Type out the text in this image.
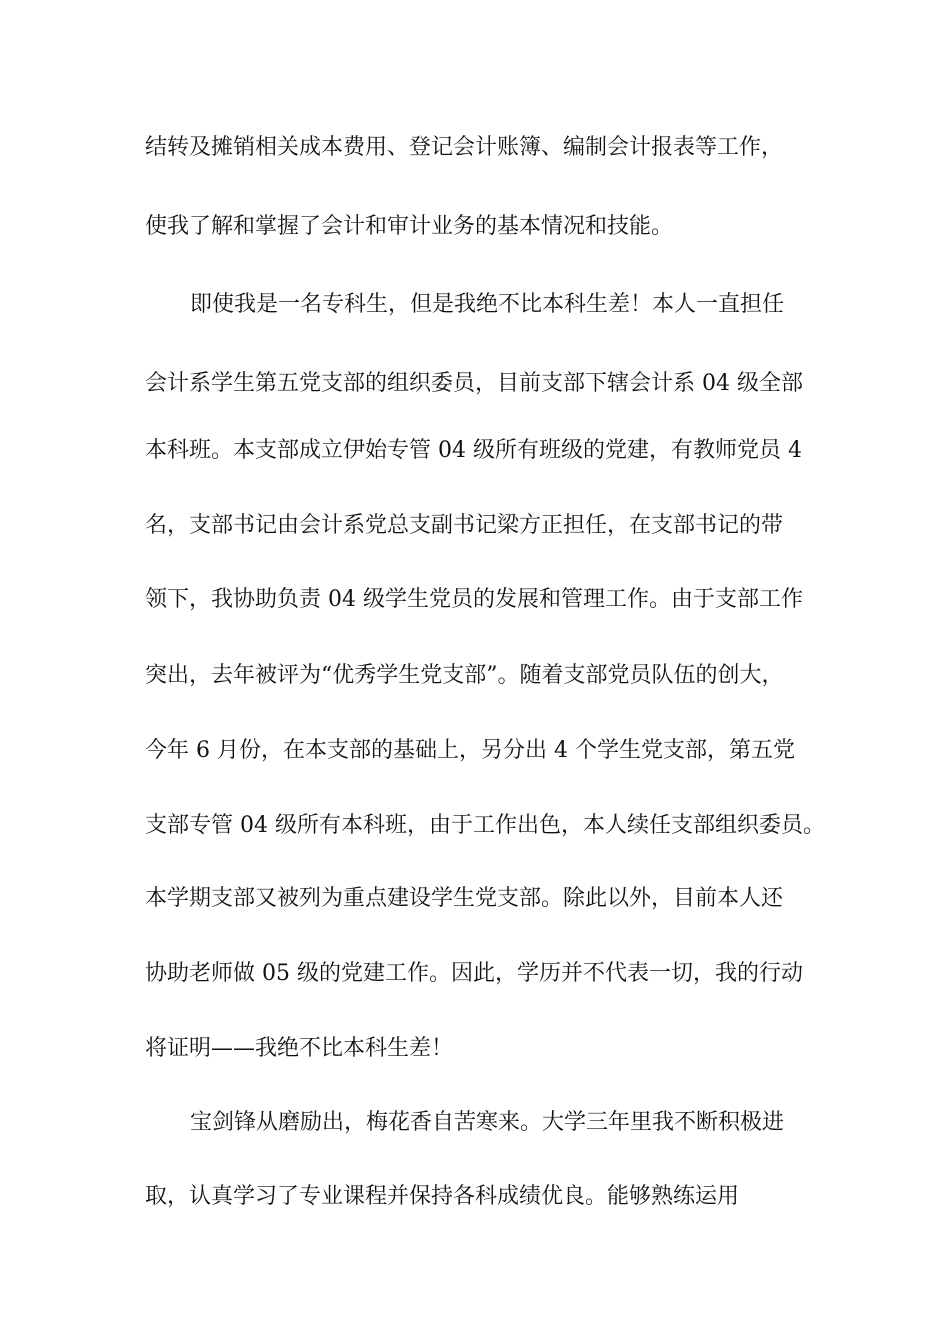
结转及摊销相关成本费用、登记会计账簿、编制会计报表等工作，
使我了解和掌握了会计和审计业务的基本情况和技能。
即使我是一名专科生，但是我绝不比本科生差！本人一直担任
会计系学生第五党支部的组织委员，目前支部下辖会计系 04 级全部
本科班。本支部成立伊始专管 04 级所有班级的党建，有教师党员 4
名，支部书记由会计系党总支副书记梁方正担任，在支部书记的带
领下，我协助负责 04 级学生党员的发展和管理工作。由于支部工作
突出，去年被评为“优秀学生党支部”。随着支部党员队伍的创大，
今年 6 月份，在本支部的基础上，另分出 4 个学生党支部，第五党
支部专管 04 级所有本科班，由于工作出色，本人续任支部组织委员。
本学期支部又被列为重点建设学生党支部。除此以外，目前本人还
协助老师做 05 级的党建工作。因此，学历并不代表一切，我的行动
将证明——我绝不比本科生差！
宝剑锋从磨励出，梅花香自苦寒来。大学三年里我不断积极进
取，认真学习了专业课程并保持各科成绩优良。能够熟练运用
